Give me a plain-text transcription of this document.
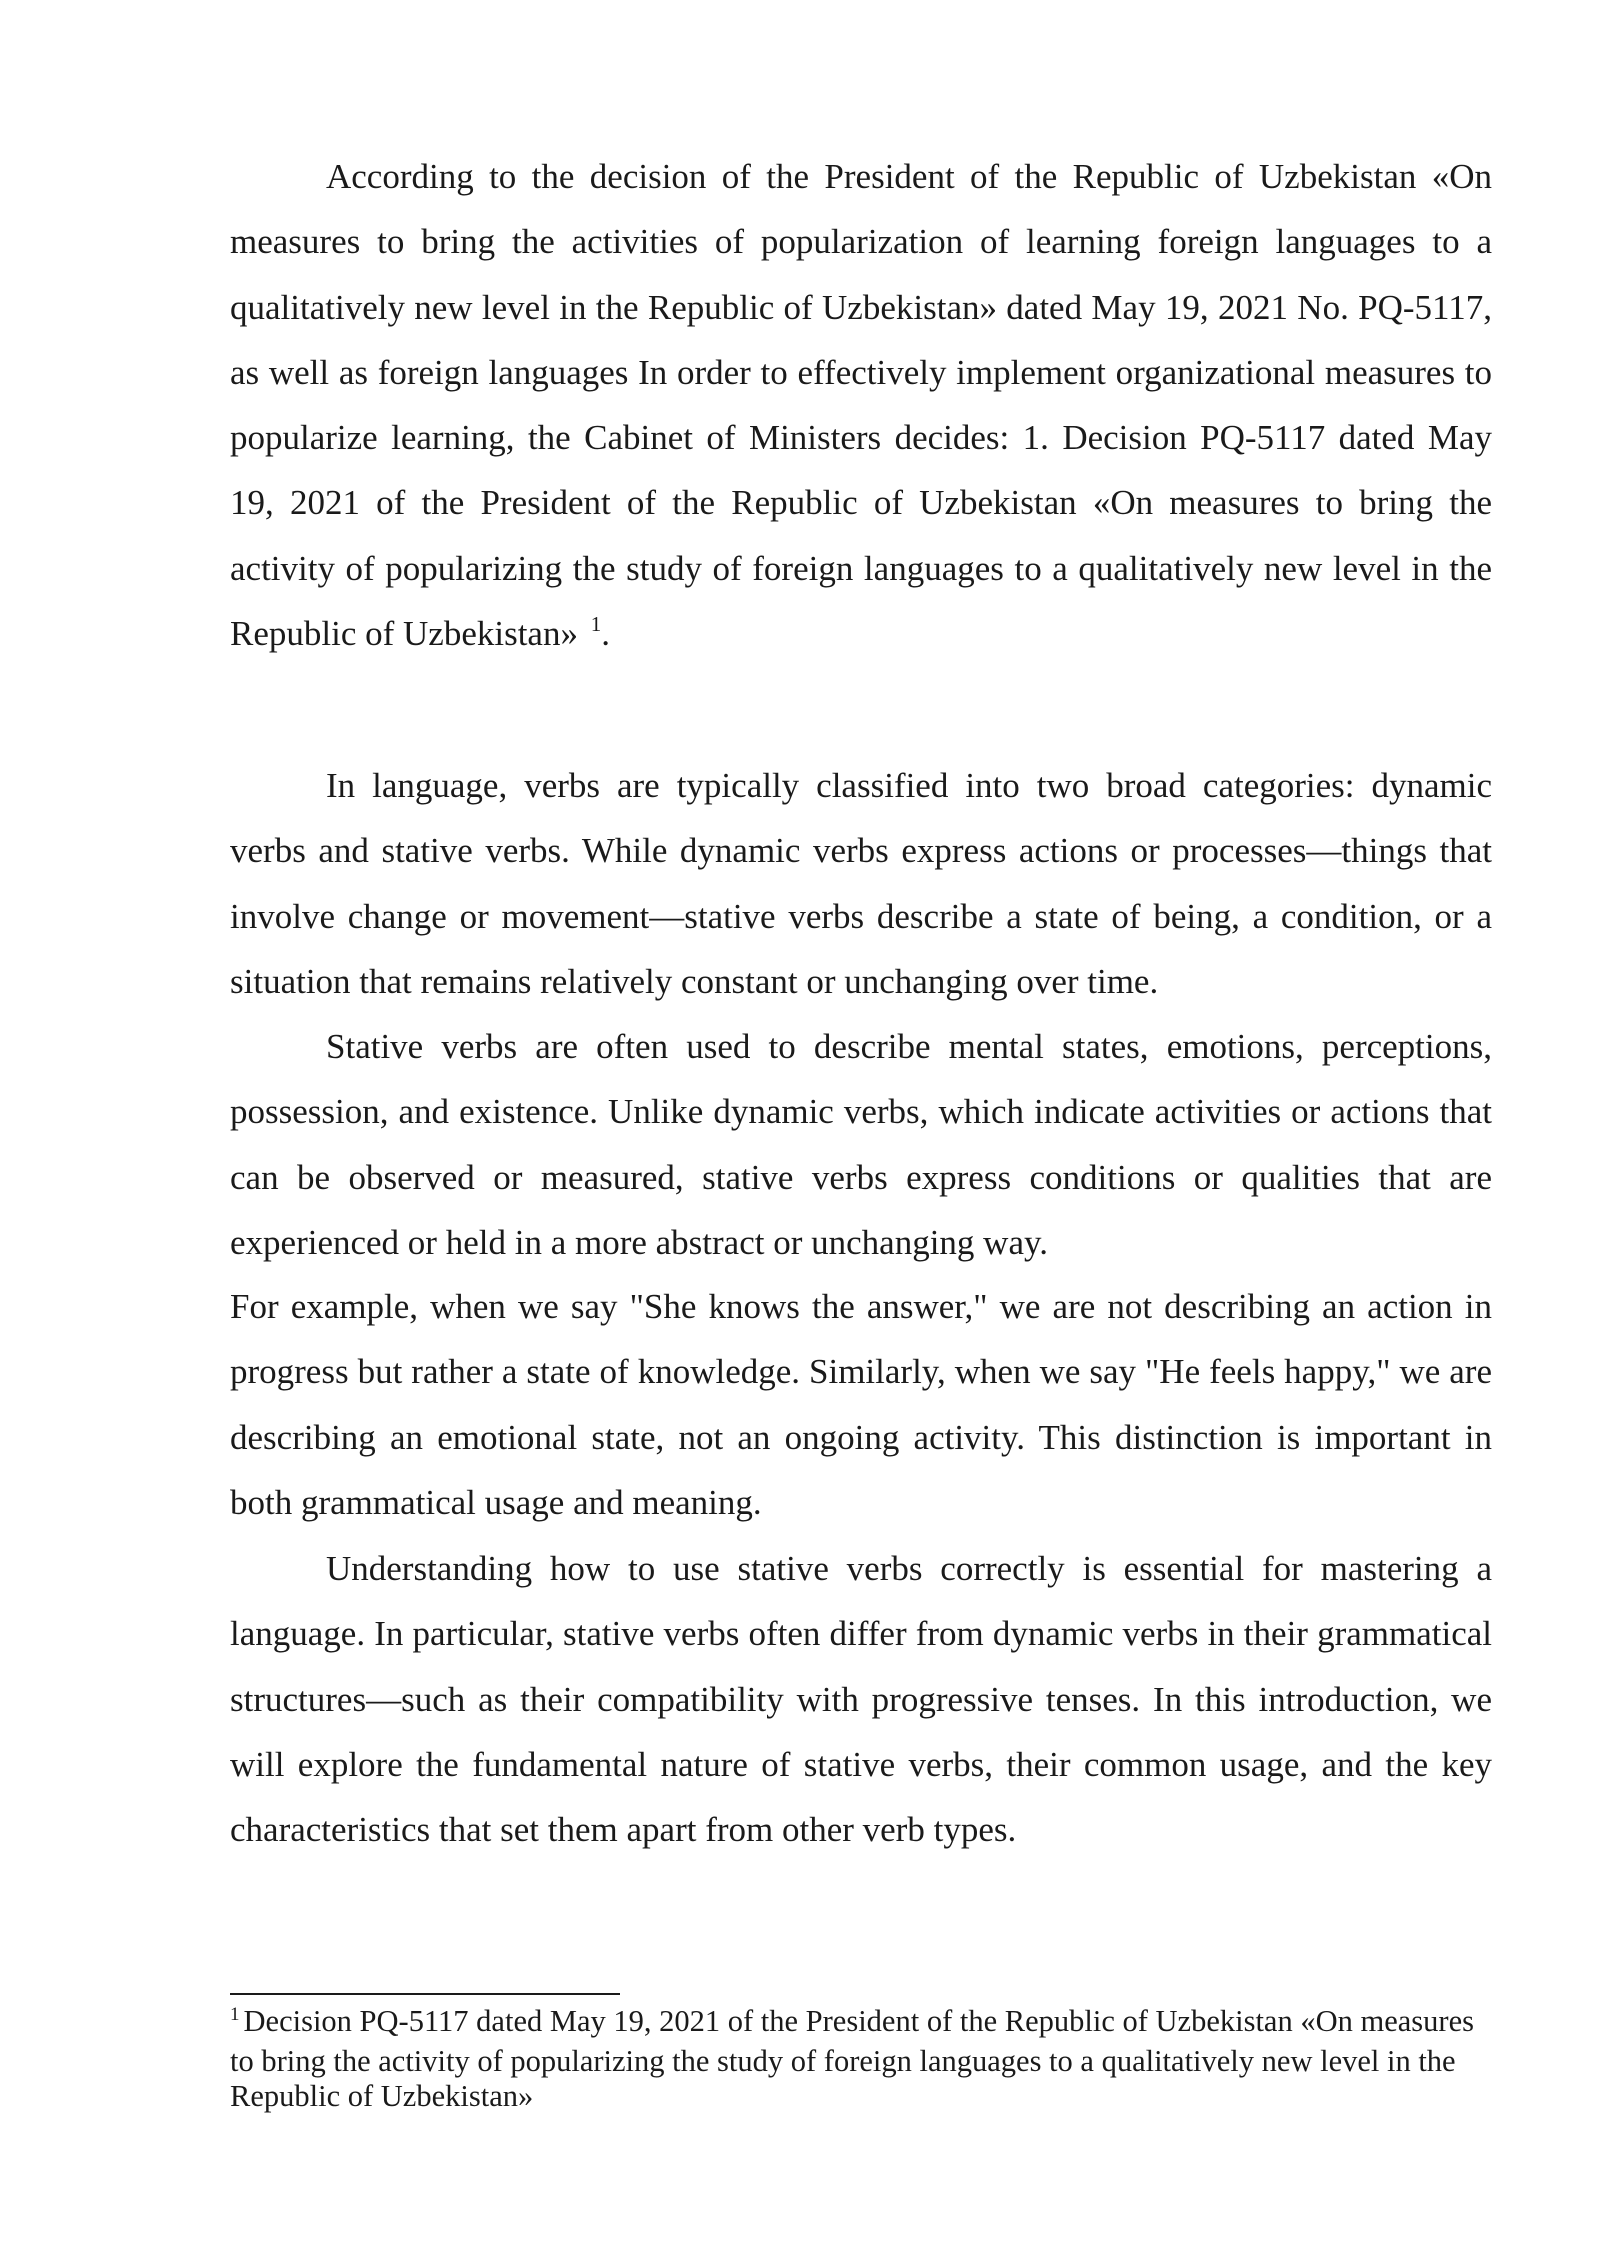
According to the decision of the President of the Republic of Uzbekistan «On measures to bring the activities of popularization of learning foreign languages to a qualitatively new level in the Republic of Uzbekistan» dated May 19, 2021 No. PQ-5117, as well as foreign languages In order to effectively implement organizational measures to popularize learning, the Cabinet of Ministers decides: 1. Decision PQ-5117 dated May 19, 2021 of the President of the Republic of Uzbekistan «On measures to bring the activity of popularizing the study of foreign languages to a qualitatively new level in the Republic of Uzbekistan» $^1$.

In language, verbs are typically classified into two broad categories: dynamic verbs and stative verbs. While dynamic verbs express actions or processes—things that involve change or movement—stative verbs describe a state of being, a condition, or a situation that remains relatively constant or unchanging over time.

Stative verbs are often used to describe mental states, emotions, perceptions, possession, and existence. Unlike dynamic verbs, which indicate activities or actions that can be observed or measured, stative verbs express conditions or qualities that are experienced or held in a more abstract or unchanging way.

For example, when we say "She knows the answer," we are not describing an action in progress but rather a state of knowledge. Similarly, when we say "He feels happy," we are describing an emotional state, not an ongoing activity. This distinction is important in both grammatical usage and meaning.

Understanding how to use stative verbs correctly is essential for mastering a language. In particular, stative verbs often differ from dynamic verbs in their grammatical structures—such as their compatibility with progressive tenses. In this introduction, we will explore the fundamental nature of stative verbs, their common usage, and the key characteristics that set them apart from other verb types.

$^1$ Decision PQ-5117 dated May 19, 2021 of the President of the Republic of Uzbekistan «On measures to bring the activity of popularizing the study of foreign languages to a qualitatively new level in the Republic of Uzbekistan»
